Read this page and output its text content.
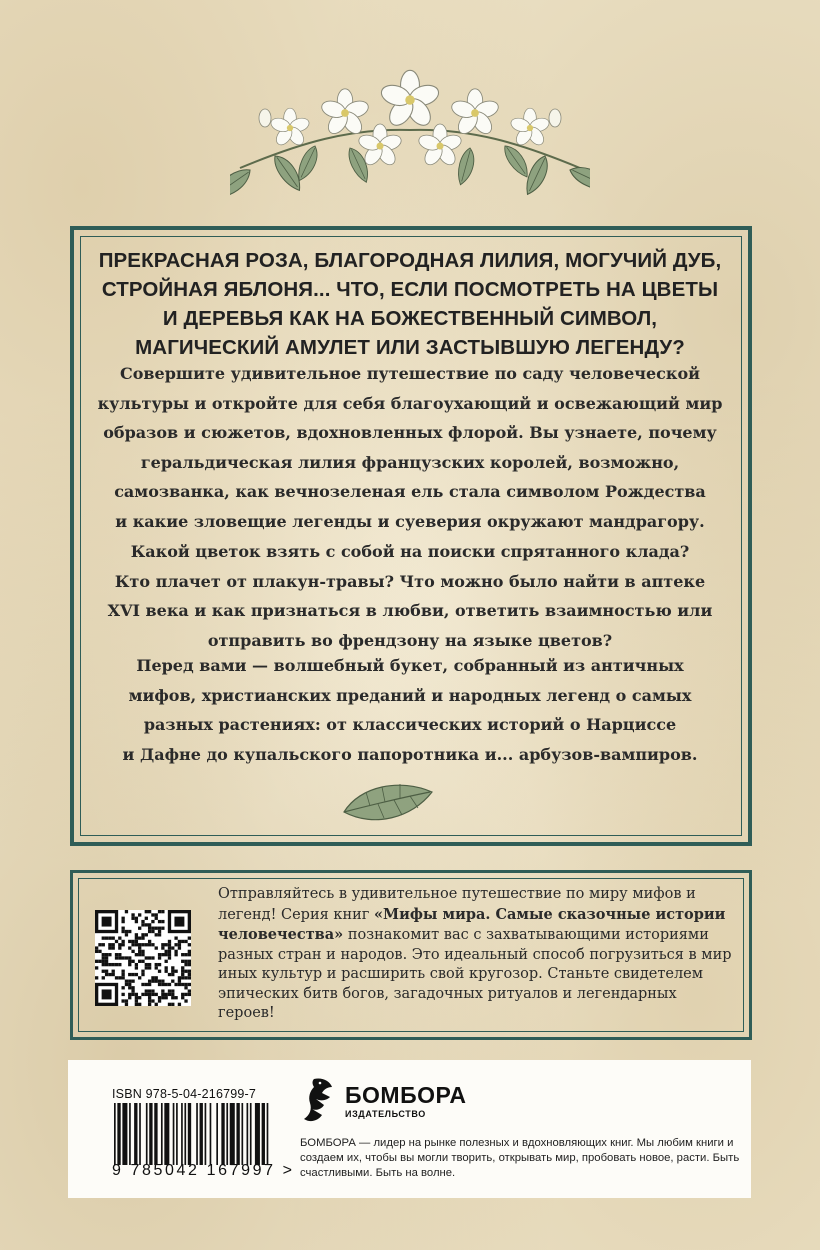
ПРЕКРАСНАЯ РОЗА, БЛАГОРОДНАЯ ЛИЛИЯ, МОГУЧИЙ ДУБ,
СТРОЙНАЯ ЯБЛОНЯ... ЧТО, ЕСЛИ ПОСМОТРЕТЬ НА ЦВЕТЫ
И ДЕРЕВЬЯ КАК НА БОЖЕСТВЕННЫЙ СИМВОЛ,
МАГИЧЕСКИЙ АМУЛЕТ ИЛИ ЗАСТЫВШУЮ ЛЕГЕНДУ?

Совершите удивительное путешествие по саду человеческой
культуры и откройте для себя благоухающий и освежающий мир
образов и сюжетов, вдохновленных флорой. Вы узнаете, почему
геральдическая лилия французских королей, возможно,
самозванка, как вечнозеленая ель стала символом Рождества
и какие зловещие легенды и суеверия окружают мандрагору.

Какой цветок взять с собой на поиски спрятанного клада?
Кто плачет от плакун-травы? Что можно было найти в аптеке
XVI века и как признаться в любви, ответить взаимностью или
отправить во френдзону на языке цветов?

Перед вами — волшебный букет, собранный из античных
мифов, христианских преданий и народных легенд о самых
разных растениях: от классических историй о Нарциссе
и Дафне до купальского папоротника и... арбузов-вампиров.

Отправляйтесь в удивительное путешествие по миру мифов и легенд! Серия книг «Мифы мира. Самые сказочные истории человечества» познакомит вас с захватывающими историями разных стран и народов. Это идеальный способ погрузиться в мир иных культур и расширить свой кругозор. Станьте свидетелем эпических битв богов, загадочных ритуалов и легендарных героев!

ISBN 978-5-04-216799-7

9 785042 167997 >

БОМБОРА

ИЗДАТЕЛЬСТВО

БОМБОРА — лидер на рынке полезных и вдохновляющих книг. Мы любим книги и создаем их, чтобы вы могли творить, открывать мир, пробовать новое, расти. Быть счастливыми. Быть на волне.
